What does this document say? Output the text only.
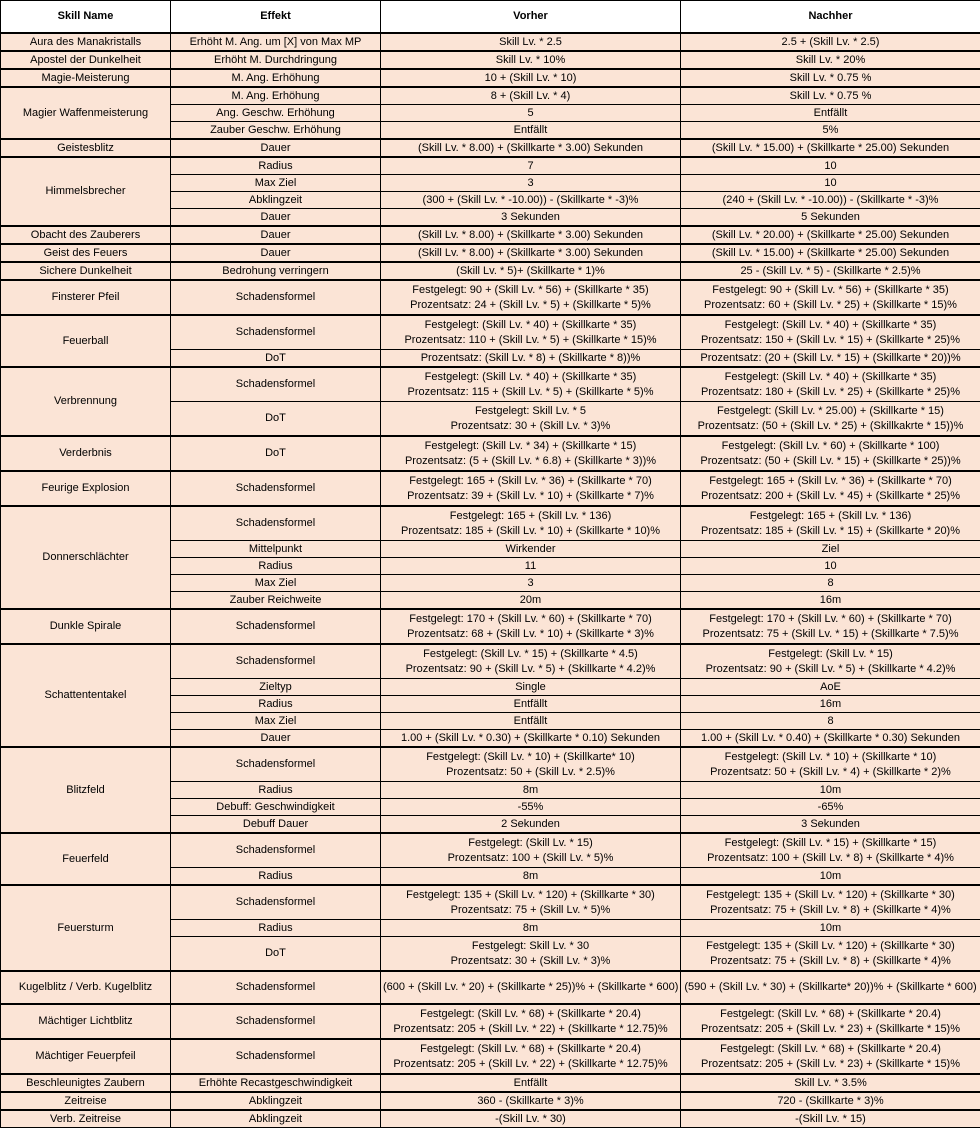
Skill Name	Effekt	Vorher	Nachher
Aura des Manakristalls	Erhöht M. Ang. um [X] von Max MP	Skill Lv. * 2.5	2.5 + (Skill Lv. * 2.5)

Apostel der Dunkelheit	Erhöht M. Durchdringung	Skill Lv. * 10%	Skill Lv. * 20%

Magie-Meisterung	M. Ang. Erhöhung	10 + (Skill Lv. * 10)	Skill Lv. * 0.75 %

Magier Waffenmeisterung	M. Ang. Erhöhung	8 + (Skill Lv. * 4)	Skill Lv. * 0.75 %

	Ang. Geschw. Erhöhung	5	Entfällt

	Zauber Geschw. Erhöhung	Entfällt	5%

Geistesblitz	Dauer	(Skill Lv. * 8.00) + (Skillkarte * 3.00) Sekunden	(Skill Lv. * 15.00) + (Skillkarte * 25.00) Sekunden

Himmelsbrecher	Radius	7	10

	Max Ziel	3	10

	Abklingzeit	(300 + (Skill Lv. * -10.00)) - (Skillkarte * -3)%	(240 + (Skill Lv. * -10.00)) - (Skillkarte * -3)%

	Dauer	3 Sekunden	5 Sekunden

Obacht des Zauberers	Dauer	(Skill Lv. * 8.00) + (Skillkarte * 3.00) Sekunden	(Skill Lv. * 20.00) + (Skillkarte * 25.00) Sekunden

Geist des Feuers	Dauer	(Skill Lv. * 8.00) + (Skillkarte * 3.00) Sekunden	(Skill Lv. * 15.00) + (Skillkarte * 25.00) Sekunden

Sichere Dunkelheit	Bedrohung verringern	(Skill Lv. * 5)+ (Skillkarte * 1)%	25 - (Skill Lv. * 5) - (Skillkarte * 2.5)%

Finsterer Pfeil	Schadensformel	Festgelegt: 90 + (Skill Lv. * 56) + (Skillkarte * 35)
Prozentsatz: 24 + (Skill Lv. * 5) + (Skillkarte * 5)%	Festgelegt: 90 + (Skill Lv. * 56) + (Skillkarte * 35)
Prozentsatz: 60 + (Skill Lv. * 25) + (Skillkarte * 15)%

Feuerball	Schadensformel	Festgelegt: (Skill Lv. * 40) + (Skillkarte * 35)
Prozentsatz: 110 + (Skill Lv. * 5) + (Skillkarte * 15)%	Festgelegt: (Skill Lv. * 40) + (Skillkarte * 35)
Prozentsatz: 150 + (Skill Lv. * 15) + (Skillkarte * 25)%

	DoT	Prozentsatz: (Skill Lv. * 8) + (Skillkarte * 8))%	Prozentsatz: (20 + (Skill Lv. * 15) + (Skillkarte * 20))%

Verbrennung	Schadensformel	Festgelegt: (Skill Lv. * 40) + (Skillkarte * 35)
Prozentsatz: 115 + (Skill Lv. * 5) + (Skillkarte * 5)%	Festgelegt: (Skill Lv. * 40) + (Skillkarte * 35)
Prozentsatz: 180 + (Skill Lv. * 25) + (Skillkarte * 25)%

	DoT	Festgelegt: Skill Lv. * 5
Prozentsatz: 30 + (Skill Lv. * 3)%	Festgelegt: (Skill Lv. * 25.00) + (Skillkarte * 15)
Prozentsatz: (50 + (Skill Lv. * 25) + (Skillkakrte * 15))%

Verderbnis	DoT	Festgelegt: (Skill Lv. * 34) + (Skillkarte * 15)
Prozentsatz: (5 + (Skill Lv. * 6.8) + (Skillkarte * 3))%	Festgelegt: (Skill Lv. * 60) + (Skillkarte * 100)
Prozentsatz: (50 + (Skill Lv. * 15) + (Skillkarte * 25))%

Feurige Explosion	Schadensformel	Festgelegt: 165 + (Skill Lv. * 36) + (Skillkarte * 70)
Prozentsatz: 39 + (Skill Lv. * 10) + (Skillkarte * 7)%	Festgelegt: 165 + (Skill Lv. * 36) + (Skillkarte * 70)
Prozentsatz: 200 + (Skill Lv. * 45) + (Skillkarte * 25)%

Donnerschlächter	Schadensformel	Festgelegt: 165 + (Skill Lv. * 136)
Prozentsatz: 185 + (Skill Lv. * 10) + (Skillkarte * 10)%	Festgelegt: 165 + (Skill Lv. * 136)
Prozentsatz: 185 + (Skill Lv. * 15) + (Skillkarte * 20)%

	Mittelpunkt	Wirkender	Ziel

	Radius	11	10

	Max Ziel	3	8

	Zauber Reichweite	20m	16m

Dunkle Spirale	Schadensformel	Festgelegt: 170 + (Skill Lv. * 60) + (Skillkarte * 70)
Prozentsatz: 68 + (Skill Lv. * 10) + (Skillkarte * 3)%	Festgelegt: 170 + (Skill Lv. * 60) + (Skillkarte * 70)
Prozentsatz: 75 + (Skill Lv. * 15) + (Skillkarte * 7.5)%

Schattententakel	Schadensformel	Festgelegt: (Skill Lv. * 15) + (Skillkarte * 4.5)
Prozentsatz: 90 + (Skill Lv. * 5) + (Skillkarte * 4.2)%	Festgelegt: (Skill Lv. * 15)
Prozentsatz: 90 + (Skill Lv. * 5) + (Skillkarte * 4.2)%

	Zieltyp	Single	AoE

	Radius	Entfällt	16m

	Max Ziel	Entfällt	8

	Dauer	1.00 + (Skill Lv. * 0.30) + (Skillkarte * 0.10) Sekunden	1.00 + (Skill Lv. * 0.40) + (Skillkarte * 0.30) Sekunden

Blitzfeld	Schadensformel	Festgelegt: (Skill Lv. * 10) + (Skillkarte* 10)
Prozentsatz: 50 + (Skill Lv. * 2.5)%	Festgelegt: (Skill Lv. * 10) + (Skillkarte * 10)
Prozentsatz: 50 + (Skill Lv. * 4) + (Skillkarte * 2)%

	Radius	8m	10m

	Debuff: Geschwindigkeit	-55%	-65%

	Debuff Dauer	2 Sekunden	3 Sekunden

Feuerfeld	Schadensformel	Festgelegt: (Skill Lv. * 15)
Prozentsatz: 100 + (Skill Lv. * 5)%	Festgelegt: (Skill Lv. * 15) + (Skillkarte * 15)
Prozentsatz: 100 + (Skill Lv. * 8) + (Skillkarte * 4)%

	Radius	8m	10m

Feuersturm	Schadensformel	Festgelegt: 135 + (Skill Lv. * 120) + (Skillkarte * 30)
Prozentsatz: 75 + (Skill Lv. * 5)%	Festgelegt: 135 + (Skill Lv. * 120) + (Skillkarte * 30)
Prozentsatz: 75 + (Skill Lv. * 8) + (Skillkarte * 4)%

	Radius	8m	10m

	DoT	Festgelegt: Skill Lv. * 30
Prozentsatz: 30 + (Skill Lv. * 3)%	Festgelegt: 135 + (Skill Lv. * 120) + (Skillkarte * 30)
Prozentsatz: 75 + (Skill Lv. * 8) + (Skillkarte * 4)%

Kugelblitz / Verb. Kugelblitz	Schadensformel	(600 + (Skill Lv. * 20) + (Skillkarte * 25))% + (Skillkarte * 600)	(590 + (Skill Lv. * 30) + (Skillkarte* 20))% + (Skillkarte * 600)

Mächtiger Lichtblitz	Schadensformel	Festgelegt: (Skill Lv. * 68) + (Skillkarte * 20.4)
Prozentsatz: 205 + (Skill Lv. * 22) + (Skillkarte * 12.75)%	Festgelegt: (Skill Lv. * 68) + (Skillkarte * 20.4)
Prozentsatz: 205 + (Skill Lv. * 23) + (Skillkarte * 15)%

Mächtiger Feuerpfeil	Schadensformel	Festgelegt: (Skill Lv. * 68) + (Skillkarte * 20.4)
Prozentsatz: 205 + (Skill Lv. * 22) + (Skillkarte * 12.75)%	Festgelegt: (Skill Lv. * 68) + (Skillkarte * 20.4)
Prozentsatz: 205 + (Skill Lv. * 23) + (Skillkarte * 15)%

Beschleunigtes Zaubern	Erhöhte Recastgeschwindigkeit	Entfällt	Skill Lv. * 3.5%

Zeitreise	Abklingzeit	360 - (Skillkarte * 3)%	720 - (Skillkarte * 3)%

Verb. Zeitreise	Abklingzeit	-(Skill Lv. * 30)	-(Skill Lv. * 15)
